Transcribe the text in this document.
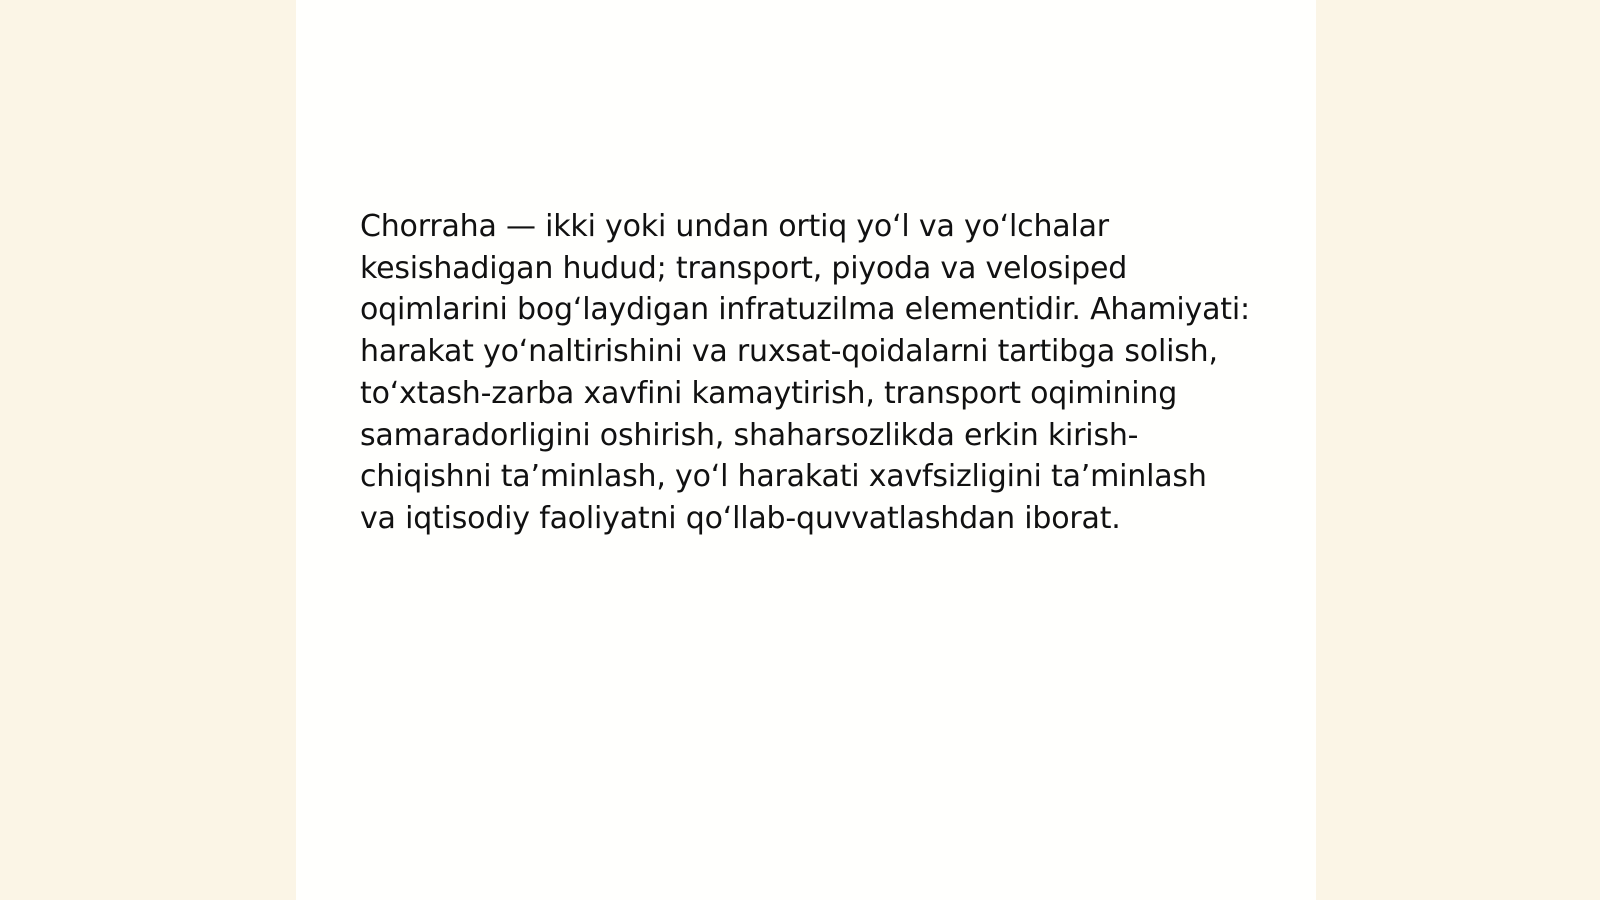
Chorraha — ikki yoki undan ortiq yoʻl va yoʻlchalar kesishadigan hudud; transport, piyoda va velosiped oqimlarini bogʻlaydigan infratuzilma elementidir. Ahamiyati: harakat yoʻnaltirishini va ruxsat-qoidalarni tartibga solish, toʻxtash-zarba xavfini kamaytirish, transport oqimining samaradorligini oshirish, shaharsozlikda erkin kirish-chiqishni ta’minlash, yoʻl harakati xavfsizligini ta’minlash va iqtisodiy faoliyatni qoʻllab-quvvatlashdan iborat.
